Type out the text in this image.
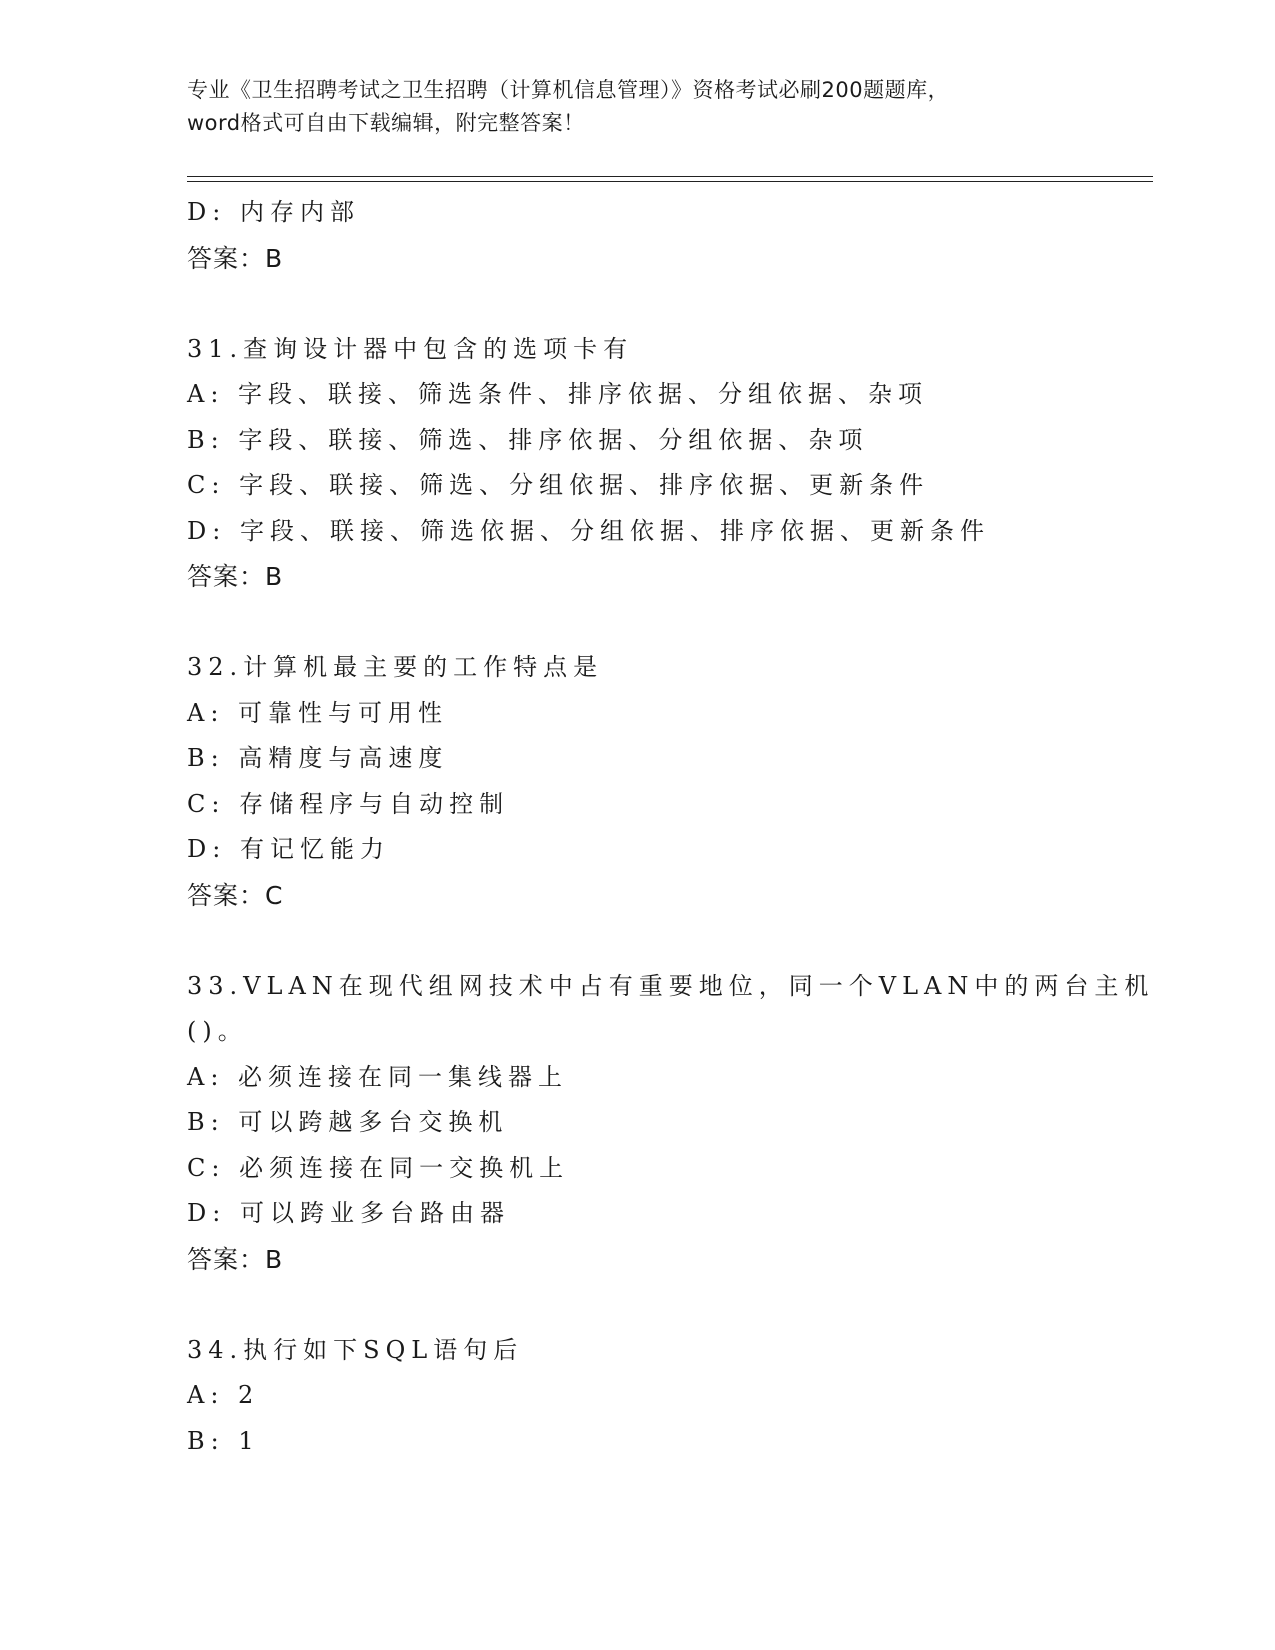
专业《卫生招聘考试之卫生招聘（计算机信息管理）》资格考试必刷200题题库，
word格式可自由下载编辑，附完整答案！
D: 内存内部
答案：B
31.查询设计器中包含的选项卡有
A: 字段、联接、筛选条件、排序依据、分组依据、杂项
B: 字段、联接、筛选、排序依据、分组依据、杂项
C: 字段、联接、筛选、分组依据、排序依据、更新条件
D: 字段、联接、筛选依据、分组依据、排序依据、更新条件
答案：B
32.计算机最主要的工作特点是
A: 可靠性与可用性
B: 高精度与高速度
C: 存储程序与自动控制
D: 有记忆能力
答案：C
33.VLAN在现代组网技术中占有重要地位，同一个VLAN中的两台主机
()。
A: 必须连接在同一集线器上
B: 可以跨越多台交换机
C: 必须连接在同一交换机上
D: 可以跨业多台路由器
答案：B
34.执行如下SQL语句后
A: 2
B: 1
